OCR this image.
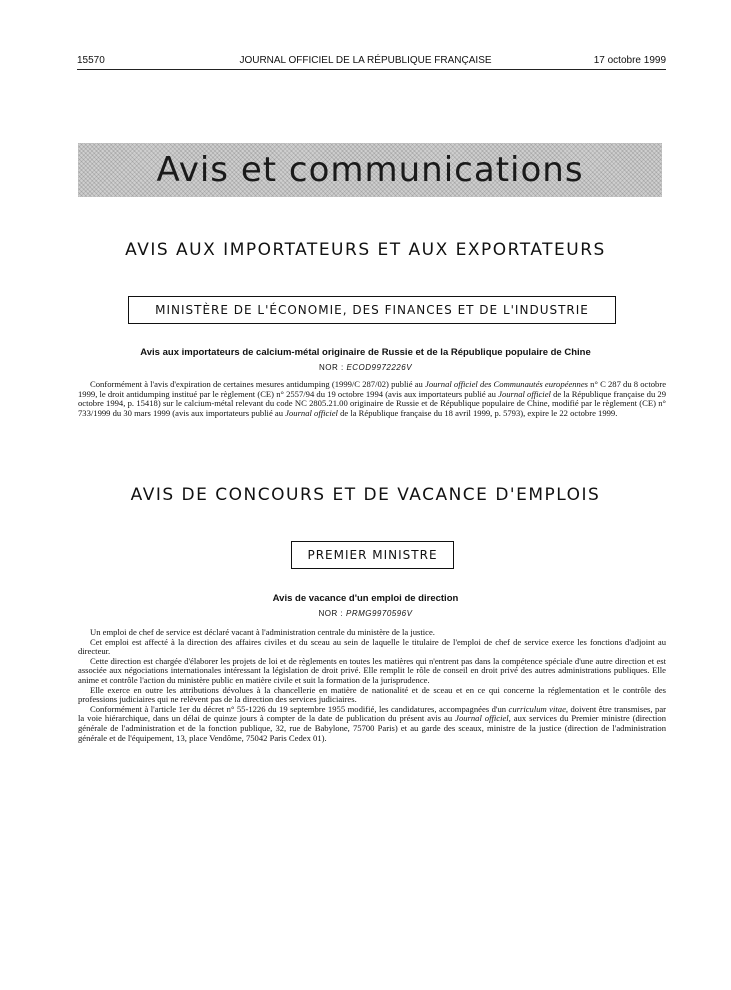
15570	JOURNAL OFFICIEL DE LA RÉPUBLIQUE FRANÇAISE	17 octobre 1999
Avis et communications
AVIS AUX IMPORTATEURS ET AUX EXPORTATEURS
MINISTÈRE DE L'ÉCONOMIE, DES FINANCES ET DE L'INDUSTRIE
Avis aux importateurs de calcium-métal originaire de Russie et de la République populaire de Chine
NOR : ECOD9972226V

Conformément à l'avis d'expiration de certaines mesures antidumping (1999/C 287/02) publié au Journal officiel des Communautés européennes n° C 287 du 8 octobre 1999, le droit antidumping institué par le règlement (CE) n° 2557/94 du 19 octobre 1994 (avis aux importateurs publié au Journal officiel de la République française du 29 octobre 1994, p. 15418) sur le calcium-métal relevant du code NC 2805.21.00 originaire de Russie et de République populaire de Chine, modifié par le règlement (CE) n° 733/1999 du 30 mars 1999 (avis aux importateurs publié au Journal officiel de la République française du 18 avril 1999, p. 5793), expire le 22 octobre 1999.

AVIS DE CONCOURS ET DE VACANCE D'EMPLOIS
PREMIER MINISTRE
Avis de vacance d'un emploi de direction
NOR : PRMG9970596V

Un emploi de chef de service est déclaré vacant à l'administration centrale du ministère de la justice.

Cet emploi est affecté à la direction des affaires civiles et du sceau au sein de laquelle le titulaire de l'emploi de chef de service exerce les fonctions d'adjoint au directeur.

Cette direction est chargée d'élaborer les projets de loi et de règlements en toutes les matières qui n'entrent pas dans la compétence spéciale d'une autre direction et est associée aux négociations internationales intéressant la législation de droit privé. Elle remplit le rôle de conseil en droit privé des autres administrations publiques. Elle anime et contrôle l'action du ministère public en matière civile et suit la formation de la jurisprudence.

Elle exerce en outre les attributions dévolues à la chancellerie en matière de nationalité et de sceau et en ce qui concerne la réglementation et le contrôle des professions judiciaires qui ne relèvent pas de la direction des services judiciaires.

Conformément à l'article 1er du décret n° 55-1226 du 19 septembre 1955 modifié, les candidatures, accompagnées d'un curriculum vitae, doivent être transmises, par la voie hiérarchique, dans un délai de quinze jours à compter de la date de publication du présent avis au Journal officiel, aux services du Premier ministre (direction générale de l'administration et de la fonction publique, 32, rue de Babylone, 75700 Paris) et au garde des sceaux, ministre de la justice (direction de l'administration générale et de l'équipement, 13, place Vendôme, 75042 Paris Cedex 01).
